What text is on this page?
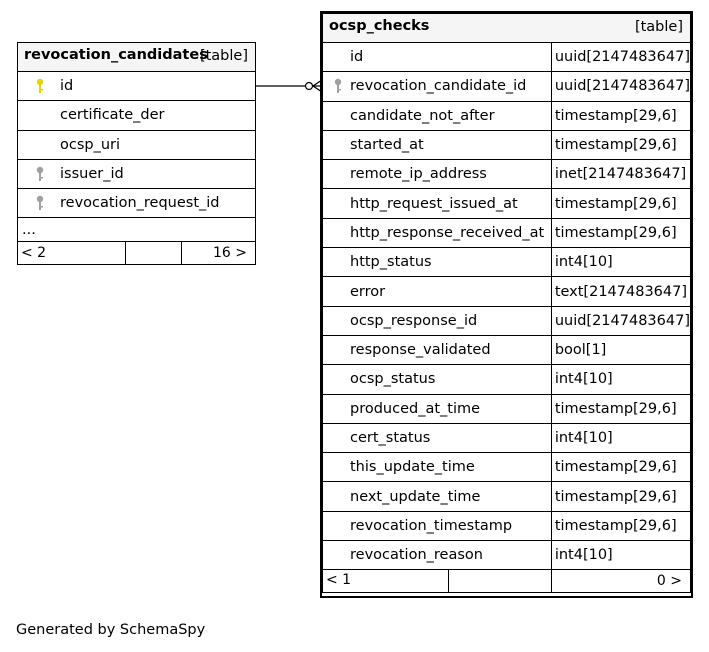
revocation_candidates
[table]

id

certificate_der

ocsp_uri

issuer_id

revocation_request_id

...
< 2		16 >
ocsp_checks [table]	

id	uuid[2147483647]

revocation_candidate_id	uuid[2147483647]

candidate_not_after	timestamp[29,6]

started_at	timestamp[29,6]

remote_ip_address	inet[2147483647]

http_request_issued_at	timestamp[29,6]

http_response_received_at	timestamp[29,6]

http_status	int4[10]

error	text[2147483647]

ocsp_response_id	uuid[2147483647]

response_validated	bool[1]

ocsp_status	int4[10]

produced_at_time	timestamp[29,6]

cert_status	int4[10]

this_update_time	timestamp[29,6]

next_update_time	timestamp[29,6]

revocation_timestamp	timestamp[29,6]

revocation_reason	int4[10]

< 1	0 >
Generated by SchemaSpy
